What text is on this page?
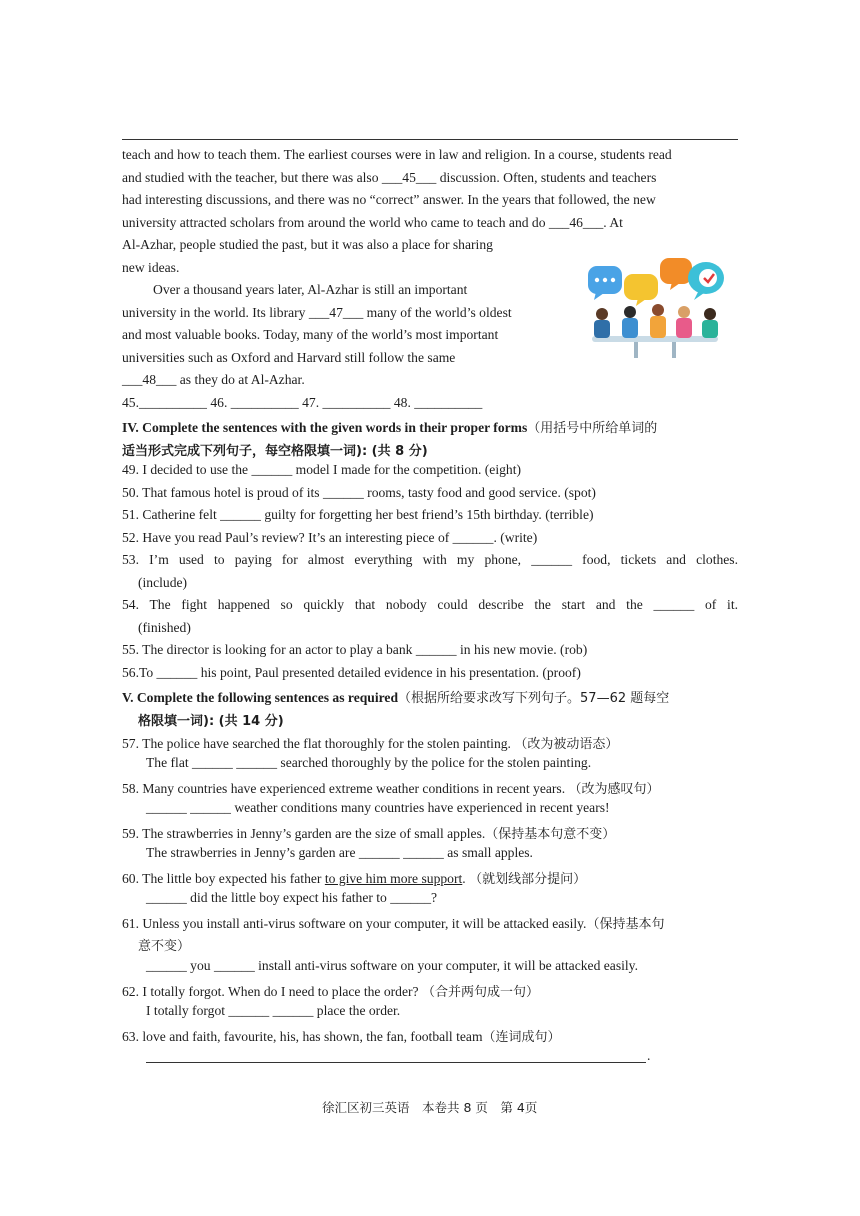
teach and how to teach them. The earliest courses were in law and religion. In a course, students read
and studied with the teacher, but there was also ___45___ discussion. Often, students and teachers
had interesting discussions, and there was no “correct” answer. In the years that followed, the new
university attracted scholars from around the world who came to teach and do ___46___. At
Al-Azhar, people studied the past, but it was also a place for sharing
new ideas.
Over a thousand years later, Al-Azhar is still an important
university in the world. Its library ___47___ many of the world’s oldest
and most valuable books. Today, many of the world’s most important
universities such as Oxford and Harvard still follow the same
___48___ as they do at Al-Azhar.
45.__________ 46. __________ 47. __________ 48. __________
IV. Complete the sentences with the given words in their proper forms（用括号中所给单词的
适当形式完成下列句子，每空格限填一词): (共 8 分)
49. I decided to use the ______ model I made for the competition. (eight)
50. That famous hotel is proud of its ______ rooms, tasty food and good service. (spot)
51. Catherine felt ______ guilty for forgetting her best friend’s 15th birthday. (terrible)
52. Have you read Paul’s review? It’s an interesting piece of ______. (write)
53. I’m used to paying for almost everything with my phone, ______ food, tickets and clothes.
(include)
54. The fight happened so quickly that nobody could describe the start and the ______ of it.
(finished)
55. The director is looking for an actor to play a bank ______ in his new movie. (rob)
56.To ______ his point, Paul presented detailed evidence in his presentation. (proof)
V. Complete the following sentences as required（根据所给要求改写下列句子。57—62 题每空
格限填一词): (共 14 分)
57. The police have searched the flat thoroughly for the stolen painting. （改为被动语态）
The flat ______ ______ searched thoroughly by the police for the stolen painting.
58. Many countries have experienced extreme weather conditions in recent years. （改为感叹句）
______ ______ weather conditions many countries have experienced in recent years!
59. The strawberries in Jenny’s garden are the size of small apples.（保持基本句意不变）
The strawberries in Jenny’s garden are ______ ______ as small apples.
60. The little boy expected his father to give him more support. （就划线部分提问）
______ did the little boy expect his father to ______?
61. Unless you install anti-virus software on your computer, it will be attacked easily.（保持基本句
意不变）
______ you ______ install anti-virus software on your computer, it will be attacked easily.
62. I totally forgot. When do I need to place the order? （合并两句成一句）
I totally forgot ______ ______ place the order.
63. love and faith, favourite, his, has shown, the fan, football team（连词成句）
.
徐汇区初三英语　本卷共 8 页　第 4页
